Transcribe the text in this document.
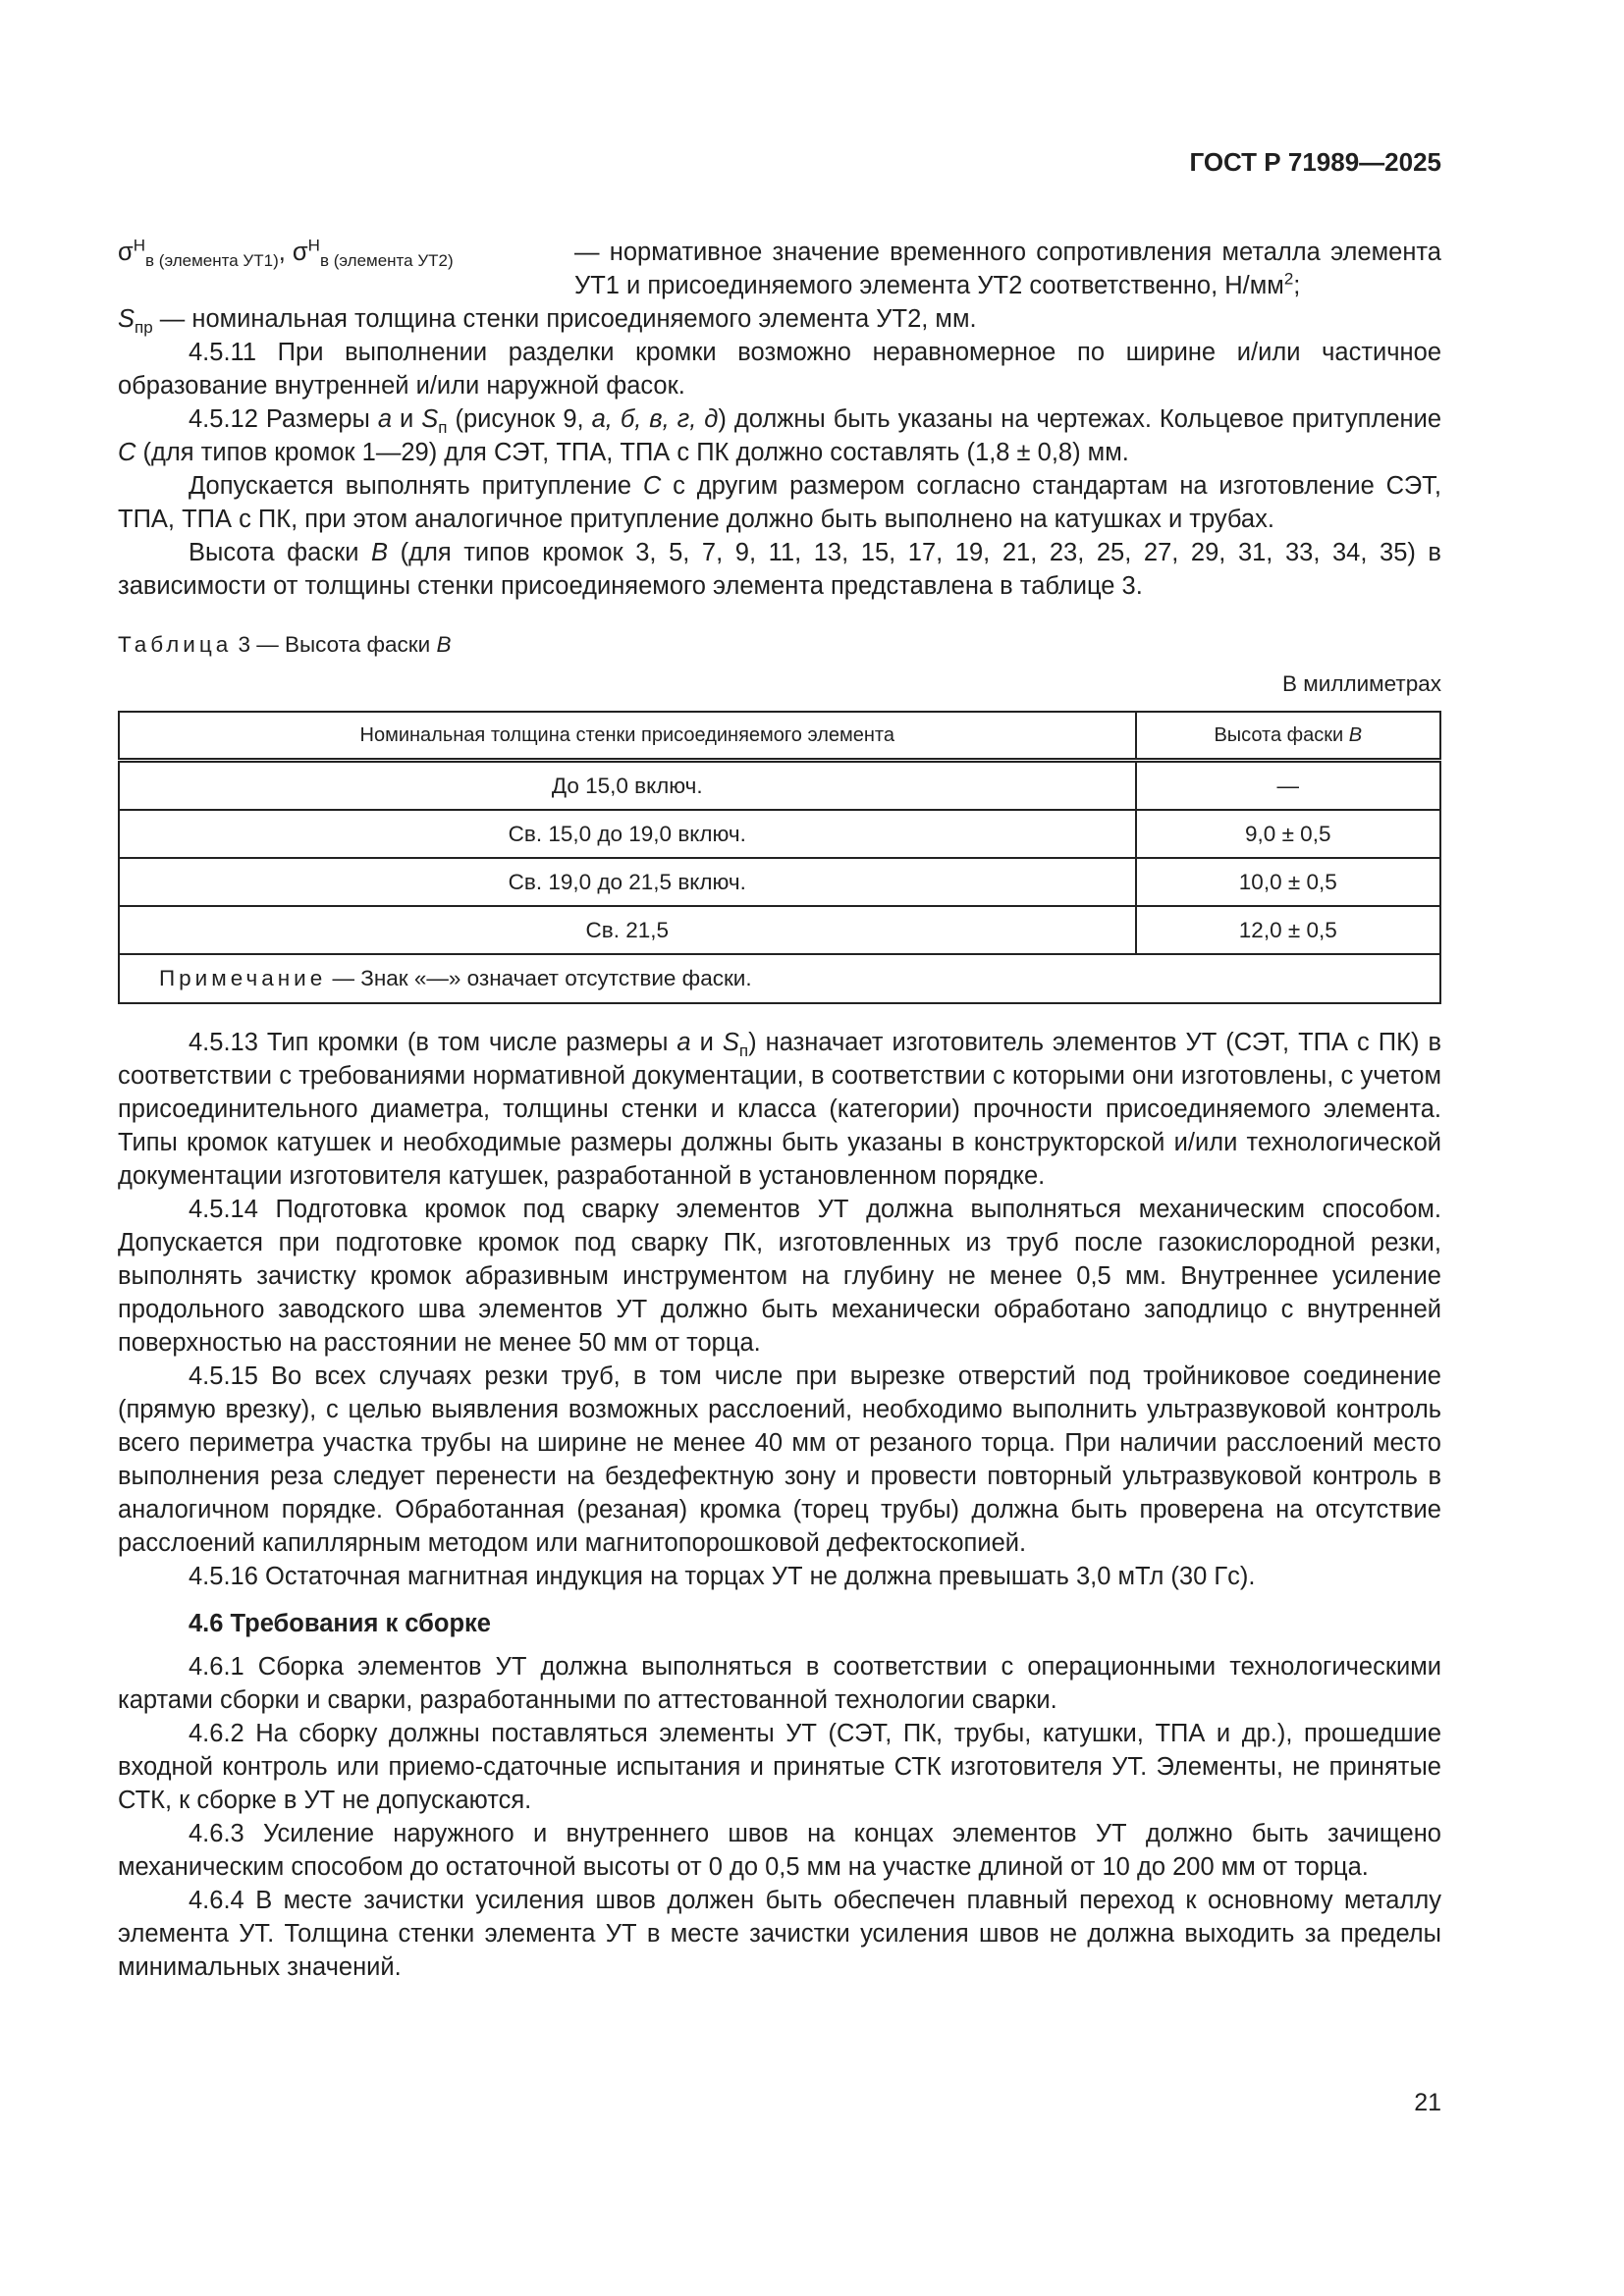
ГОСТ Р 71989—2025
$\sigma^Н_{в (элемента УТ1)}$, $\sigma^Н_{в (элемента УТ2)}$	— нормативное значение временного сопротивления металла элемента УТ1 и присоединяемого элемента УТ2 соответственно, $Н/мм^2$;

$S_{пр}$ — номинальная толщина стенки присоединяемого элемента УТ2, мм.

4.5.11 При выполнении разделки кромки возможно неравномерное по ширине и/или частичное образование внутренней и/или наружной фасок.

4.5.12 Размеры a и $S_п$ (рисунок 9, а, б, в, г, д) должны быть указаны на чертежах. Кольцевое притупление С (для типов кромок 1—29) для СЭТ, ТПА, ТПА с ПК должно составлять (1,8 ± 0,8) мм.

Допускается выполнять притупление С с другим размером согласно стандартам на изготовление СЭТ, ТПА, ТПА с ПК, при этом аналогичное притупление должно быть выполнено на катушках и трубах.

Высота фаски В (для типов кромок 3, 5, 7, 9, 11, 13, 15, 17, 19, 21, 23, 25, 27, 29, 31, 33, 34, 35) в зависимости от толщины стенки присоединяемого элемента представлена в таблице 3.

Таблица 3 — Высота фаски В
В миллиметрах
Номинальная толщина стенки присоединяемого элемента	Высота фаски В
До 15,0 включ.	—
Св. 15,0 до 19,0 включ.	9,0 ± 0,5
Св. 19,0 до 21,5 включ.	10,0 ± 0,5
Св. 21,5	12,0 ± 0,5
Примечание — Знак «—» означает отсутствие фаски.	

4.5.13 Тип кромки (в том числе размеры a и $S_п$) назначает изготовитель элементов УТ (СЭТ, ТПА с ПК) в соответствии с требованиями нормативной документации, в соответствии с которыми они изготовлены, с учетом присоединительного диаметра, толщины стенки и класса (категории) прочности присоединяемого элемента. Типы кромок катушек и необходимые размеры должны быть указаны в конструкторской и/или технологической документации изготовителя катушек, разработанной в установленном порядке.

4.5.14 Подготовка кромок под сварку элементов УТ должна выполняться механическим способом. Допускается при подготовке кромок под сварку ПК, изготовленных из труб после газокислородной резки, выполнять зачистку кромок абразивным инструментом на глубину не менее 0,5 мм. Внутреннее усиление продольного заводского шва элементов УТ должно быть механически обработано заподлицо с внутренней поверхностью на расстоянии не менее 50 мм от торца.

4.5.15 Во всех случаях резки труб, в том числе при вырезке отверстий под тройниковое соединение (прямую врезку), с целью выявления возможных расслоений, необходимо выполнить ультразвуковой контроль всего периметра участка трубы на ширине не менее 40 мм от резаного торца. При наличии расслоений место выполнения реза следует перенести на бездефектную зону и провести повторный ультразвуковой контроль в аналогичном порядке. Обработанная (резаная) кромка (торец трубы) должна быть проверена на отсутствие расслоений капиллярным методом или магнитопорошковой дефектоскопией.

4.5.16 Остаточная магнитная индукция на торцах УТ не должна превышать 3,0 мТл (30 Гс).

4.6 Требования к сборке

4.6.1 Сборка элементов УТ должна выполняться в соответствии с операционными технологическими картами сборки и сварки, разработанными по аттестованной технологии сварки.

4.6.2 На сборку должны поставляться элементы УТ (СЭТ, ПК, трубы, катушки, ТПА и др.), прошедшие входной контроль или приемо-сдаточные испытания и принятые СТК изготовителя УТ. Элементы, не принятые СТК, к сборке в УТ не допускаются.

4.6.3 Усиление наружного и внутреннего швов на концах элементов УТ должно быть зачищено механическим способом до остаточной высоты от 0 до 0,5 мм на участке длиной от 10 до 200 мм от торца.

4.6.4 В месте зачистки усиления швов должен быть обеспечен плавный переход к основному металлу элемента УТ. Толщина стенки элемента УТ в месте зачистки усиления швов не должна выходить за пределы минимальных значений.

21
